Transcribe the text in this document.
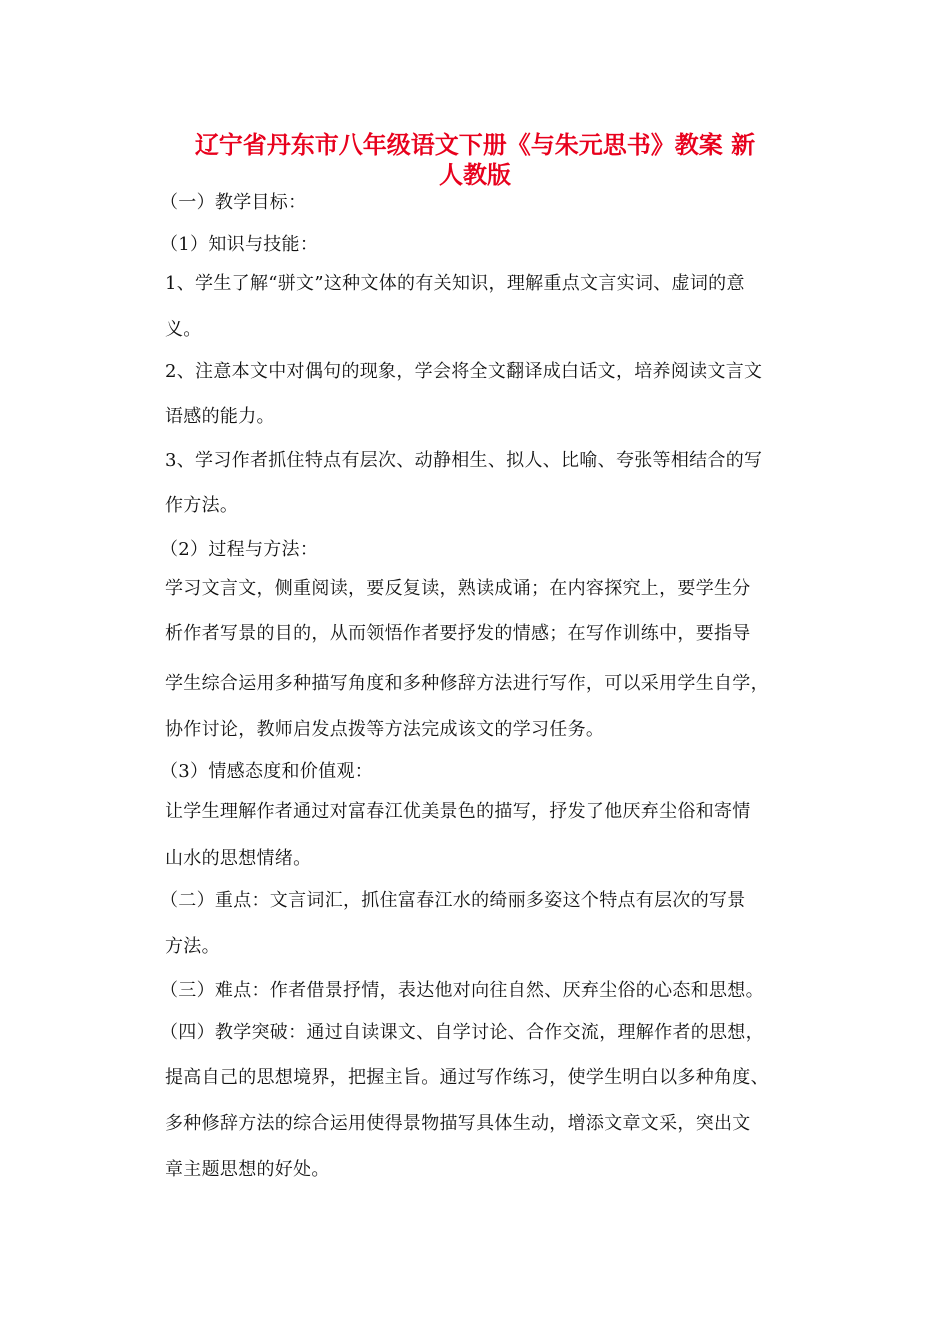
辽宁省丹东市八年级语文下册《与朱元思书》教案 新

人教版

（一）教学目标：

（1）知识与技能：

1、学生了解“骈文”这种文体的有关知识，理解重点文言实词、虚词的意

义。

2、注意本文中对偶句的现象，学会将全文翻译成白话文，培养阅读文言文

语感的能力。

3、学习作者抓住特点有层次、动静相生、拟人、比喻、夸张等相结合的写

作方法。

（2）过程与方法：

学习文言文，侧重阅读，要反复读，熟读成诵；在内容探究上，要学生分

析作者写景的目的，从而领悟作者要抒发的情感；在写作训练中，要指导

学生综合运用多种描写角度和多种修辞方法进行写作，可以采用学生自学，

协作讨论，教师启发点拨等方法完成该文的学习任务。

（3）情感态度和价值观：

让学生理解作者通过对富春江优美景色的描写，抒发了他厌弃尘俗和寄情

山水的思想情绪。

（二）重点：文言词汇，抓住富春江水的绮丽多姿这个特点有层次的写景

方法。

（三）难点：作者借景抒情，表达他对向往自然、厌弃尘俗的心态和思想。

（四）教学突破：通过自读课文、自学讨论、合作交流，理解作者的思想，

提高自己的思想境界，把握主旨。通过写作练习，使学生明白以多种角度、

多种修辞方法的综合运用使得景物描写具体生动，增添文章文采，突出文

章主题思想的好处。
